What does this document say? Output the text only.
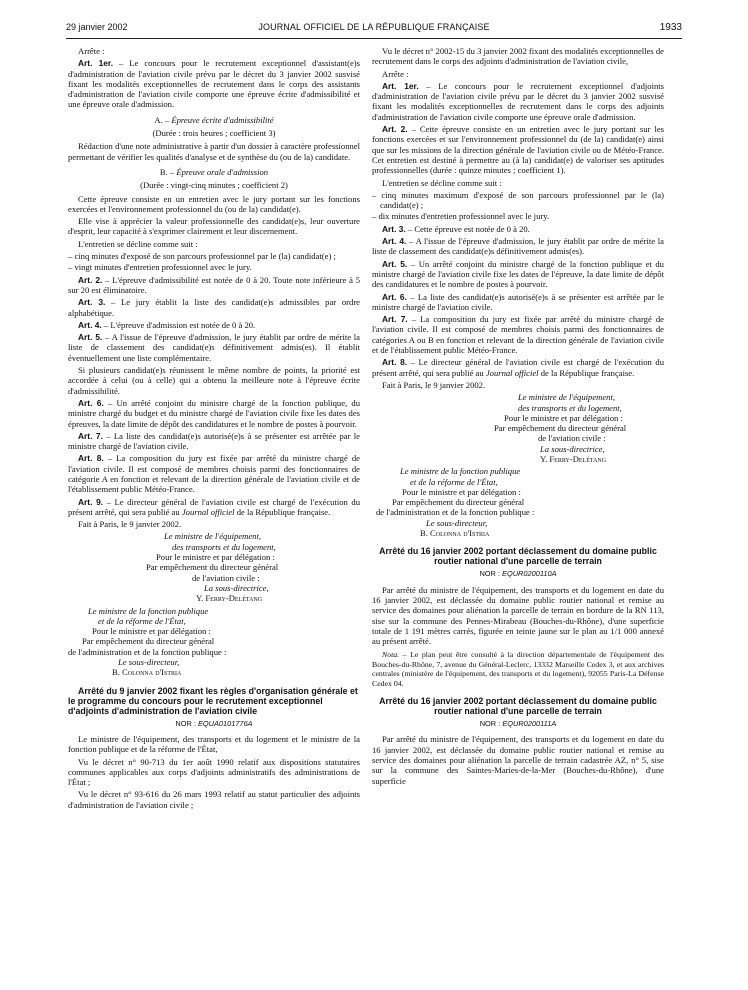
29 janvier 2002	JOURNAL OFFICIEL DE LA RÉPUBLIQUE FRANÇAISE	1933

Arrête :

Art. 1er. – Le concours pour le recrutement exceptionnel d'assistant(e)s d'administration de l'aviation civile prévu par le décret du 3 janvier 2002 susvisé fixant les modalités exceptionnelles de recrutement dans le corps des assistants d'administration de l'aviation civile comporte une épreuve écrite d'admissibilité et une épreuve orale d'admission.

A. – Épreuve écrite d'admissibilité

(Durée : trois heures ; coefficient 3)

Rédaction d'une note administrative à partir d'un dossier à caractère professionnel permettant de vérifier les qualités d'analyse et de synthèse du (ou de la) candidate.

B. – Épreuve orale d'admission

(Durée : vingt-cinq minutes ; coefficient 2)

Cette épreuve consiste en un entretien avec le jury portant sur les fonctions exercées et l'environnement professionnel du (ou de la) candidat(e).

Elle vise à apprécier la valeur professionnelle des candidat(e)s, leur ouverture d'esprit, leur capacité à s'exprimer clairement et leur discernement.

L'entretien se décline comme suit :

– cinq minutes d'exposé de son parcours professionnel par le (la) candidat(e) ;

– vingt minutes d'entretien professionnel avec le jury.

Art. 2. – L'épreuve d'admissibilité est notée de 0 à 20. Toute note inférieure à 5 sur 20 est éliminatoire.

Art. 3. – Le jury établit la liste des candidat(e)s admissibles par ordre alphabétique.

Art. 4. – L'épreuve d'admission est notée de 0 à 20.

Art. 5. – A l'issue de l'épreuve d'admission, le jury établit par ordre de mérite la liste de classement des candidat(e)s définitivement admis(es). Il établit éventuellement une liste complémentaire.

Si plusieurs candidat(e)s réunissent le même nombre de points, la priorité est accordée à celui (ou à celle) qui a obtenu la meilleure note à l'épreuve écrite d'admissibilité.

Art. 6. – Un arrêté conjoint du ministre chargé de la fonction publique, du ministre chargé du budget et du ministre chargé de l'aviation civile fixe les dates des épreuves, la date limite de dépôt des candidatures et le nombre de postes à pourvoir.

Art. 7. – La liste des candidat(e)s autorisé(e)s à se présenter est arrêtée par le ministre chargé de l'aviation civile.

Art. 8. – La composition du jury est fixée par arrêté du ministre chargé de l'aviation civile. Il est composé de membres choisis parmi des fonctionnaires de catégorie A en fonction et relevant de la direction générale de l'aviation civile et de l'établissement public Météo-France.

Art. 9. – Le directeur général de l'aviation civile est chargé de l'exécution du présent arrêté, qui sera publié au Journal officiel de la République française.

Fait à Paris, le 9 janvier 2002.

Le ministre de l'équipement,

des transports et du logement,

Pour le ministre et par délégation :

Par empêchement du directeur général

de l'aviation civile :

La sous-directrice,

Y. Ferry-Delétang

Le ministre de la fonction publique

et de la réforme de l'État,

Pour le ministre et par délégation :

Par empêchement du directeur général

de l'administration et de la fonction publique :

Le sous-directeur,

B. Colonna d'Istria

Arrêté du 9 janvier 2002 fixant les règles d'organisation générale et le programme du concours pour le recrutement exceptionnel d'adjoints d'administration de l'aviation civile

NOR : EQUA0101776A

Le ministre de l'équipement, des transports et du logement et le ministre de la fonction publique et de la réforme de l'État,

Vu le décret n° 90-713 du 1er août 1990 relatif aux dispositions statutaires communes applicables aux corps d'adjoints administratifs des administrations de l'État ;

Vu le décret n° 93-616 du 26 mars 1993 relatif au statut particulier des adjoints d'administration de l'aviation civile ;

Vu le décret n° 2002-15 du 3 janvier 2002 fixant des modalités exceptionnelles de recrutement dans le corps des adjoints d'administration de l'aviation civile,

Arrête :

Art. 1er. – Le concours pour le recrutement exceptionnel d'adjoints d'administration de l'aviation civile prévu par le décret du 3 janvier 2002 susvisé fixant les modalités exceptionnelles de recrutement dans le corps des adjoints d'administration de l'aviation civile comporte une épreuve orale d'admission.

Art. 2. – Cette épreuve consiste en un entretien avec le jury portant sur les fonctions exercées et sur l'environnement professionnel du (de la) candidat(e) ainsi que sur les missions de la direction générale de l'aviation civile ou de Météo-France. Cet entretien est destiné à permettre au (à la) candidat(e) de valoriser ses aptitudes professionnelles (durée : quinze minutes ; coefficient 1).

L'entretien se décline comme suit :

– cinq minutes maximum d'exposé de son parcours professionnel par le (la) candidat(e) ;

– dix minutes d'entretien professionnel avec le jury.

Art. 3. – Cette épreuve est notée de 0 à 20.

Art. 4. – A l'issue de l'épreuve d'admission, le jury établit par ordre de mérite la liste de classement des candidat(e)s définitivement admis(es).

Art. 5. – Un arrêté conjoint du ministre chargé de la fonction publique et du ministre chargé de l'aviation civile fixe les dates de l'épreuve, la date limite de dépôt des candidatures et le nombre de postes à pourvoir.

Art. 6. – La liste des candidat(e)s autorisé(e)s à se présenter est arrêtée par le ministre chargé de l'aviation civile.

Art. 7. – La composition du jury est fixée par arrêté du ministre chargé de l'aviation civile. Il est composé de membres choisis parmi des fonctionnaires de catégories A ou B en fonction et relevant de la direction générale de l'aviation civile et de l'établissement public Météo-France.

Art. 8. – Le directeur général de l'aviation civile est chargé de l'exécution du présent arrêté, qui sera publié au Journal officiel de la République française.

Fait à Paris, le 9 janvier 2002.

Le ministre de l'équipement,

des transports et du logement,

Pour le ministre et par délégation :

Par empêchement du directeur général

de l'aviation civile :

La sous-directrice,

Y. Ferry-Delétang

Le ministre de la fonction publique

et de la réforme de l'État,

Pour le ministre et par délégation :

Par empêchement du directeur général

de l'administration et de la fonction publique :

Le sous-directeur,

B. Colonna d'Istria

Arrêté du 16 janvier 2002 portant déclassement du domaine public routier national d'une parcelle de terrain

NOR : EQUR0200110A

Par arrêté du ministre de l'équipement, des transports et du logement en date du 16 janvier 2002, est déclassée du domaine public routier national et remise au service des domaines pour aliénation la parcelle de terrain en bordure de la RN 113, sise sur la commune des Pennes-Mirabeau (Bouches-du-Rhône), d'une superficie totale de 1 191 mètres carrés, figurée en teinte jaune sur le plan au 1/1 000 annexé au présent arrêté.

Nota. – Le plan peut être consulté à la direction départementale de l'équipement des Bouches-du-Rhône, 7, avenue du Général-Leclerc, 13332 Marseille Cedex 3, et aux archives centrales (ministère de l'équipement, des transports et du logement), 92055 Paris-La Défense Cedex 04.

Arrêté du 16 janvier 2002 portant déclassement du domaine public routier national d'une parcelle de terrain

NOR : EQUR0200111A

Par arrêté du ministre de l'équipement, des transports et du logement en date du 16 janvier 2002, est déclassée du domaine public routier national et remise au service des domaines pour aliénation la parcelle de terrain cadastrée AZ, n° 5, sise sur la commune des Saintes-Maries-de-la-Mer (Bouches-du-Rhône), d'une superficie
